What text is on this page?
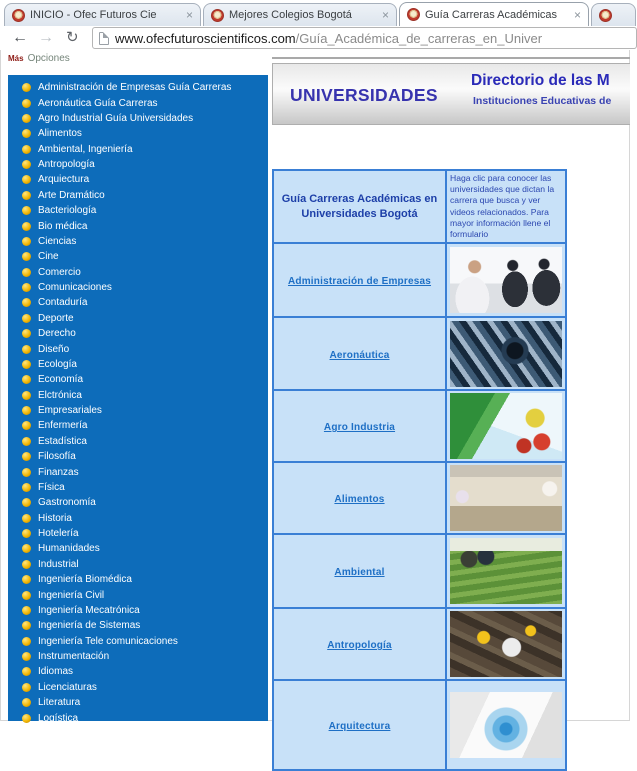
INICIO - Ofec Futuros Cie	×	Mejores Colegios Bogotá	×	Guía Carreras Académicas	×
← → ↻	www.ofecfuturoscientificos.com/Guía_Académica_de_carreras_en_Univer
Más Opciones
Administración de Empresas Guía Carreras
Aeronáutica Guía Carreras
Agro Industrial Guía Universidades
Alimentos
Ambiental, Ingeniería
Antropología
Arquiectura
Arte Dramático
Bacteriología
Bio médica
Ciencias
Cine
Comercio
Comunicaciones
Contaduría
Deporte
Derecho
Diseño
Ecología
Economía
Elctrónica
Empresariales
Enfermería
Estadística
Filosofía
Finanzas
Física
Gastronomía
Historia
Hotelería
Humanidades
Industrial
Ingeniería Biomédica
Ingeniería Civil
Ingeniería Mecatrónica
Ingeniería de Sistemas
Ingeniería Tele comunicaciones
Instrumentación
Idiomas
Licenciaturas
Literatura
Logística
UNIVERSIDADES
Directorio de las M
Instituciones Educativas de
Guía Carreras Académicas en Universidades Bogotá	Haga clic para conocer las universidades que dictan la carrera que busca y ver videos relacionados. Para mayor información llene el formulario

Administración de Empresas	

Aeronáutica	

Agro Industria	

Alimentos	

Ambiental	

Antropología	

Arquitectura	
